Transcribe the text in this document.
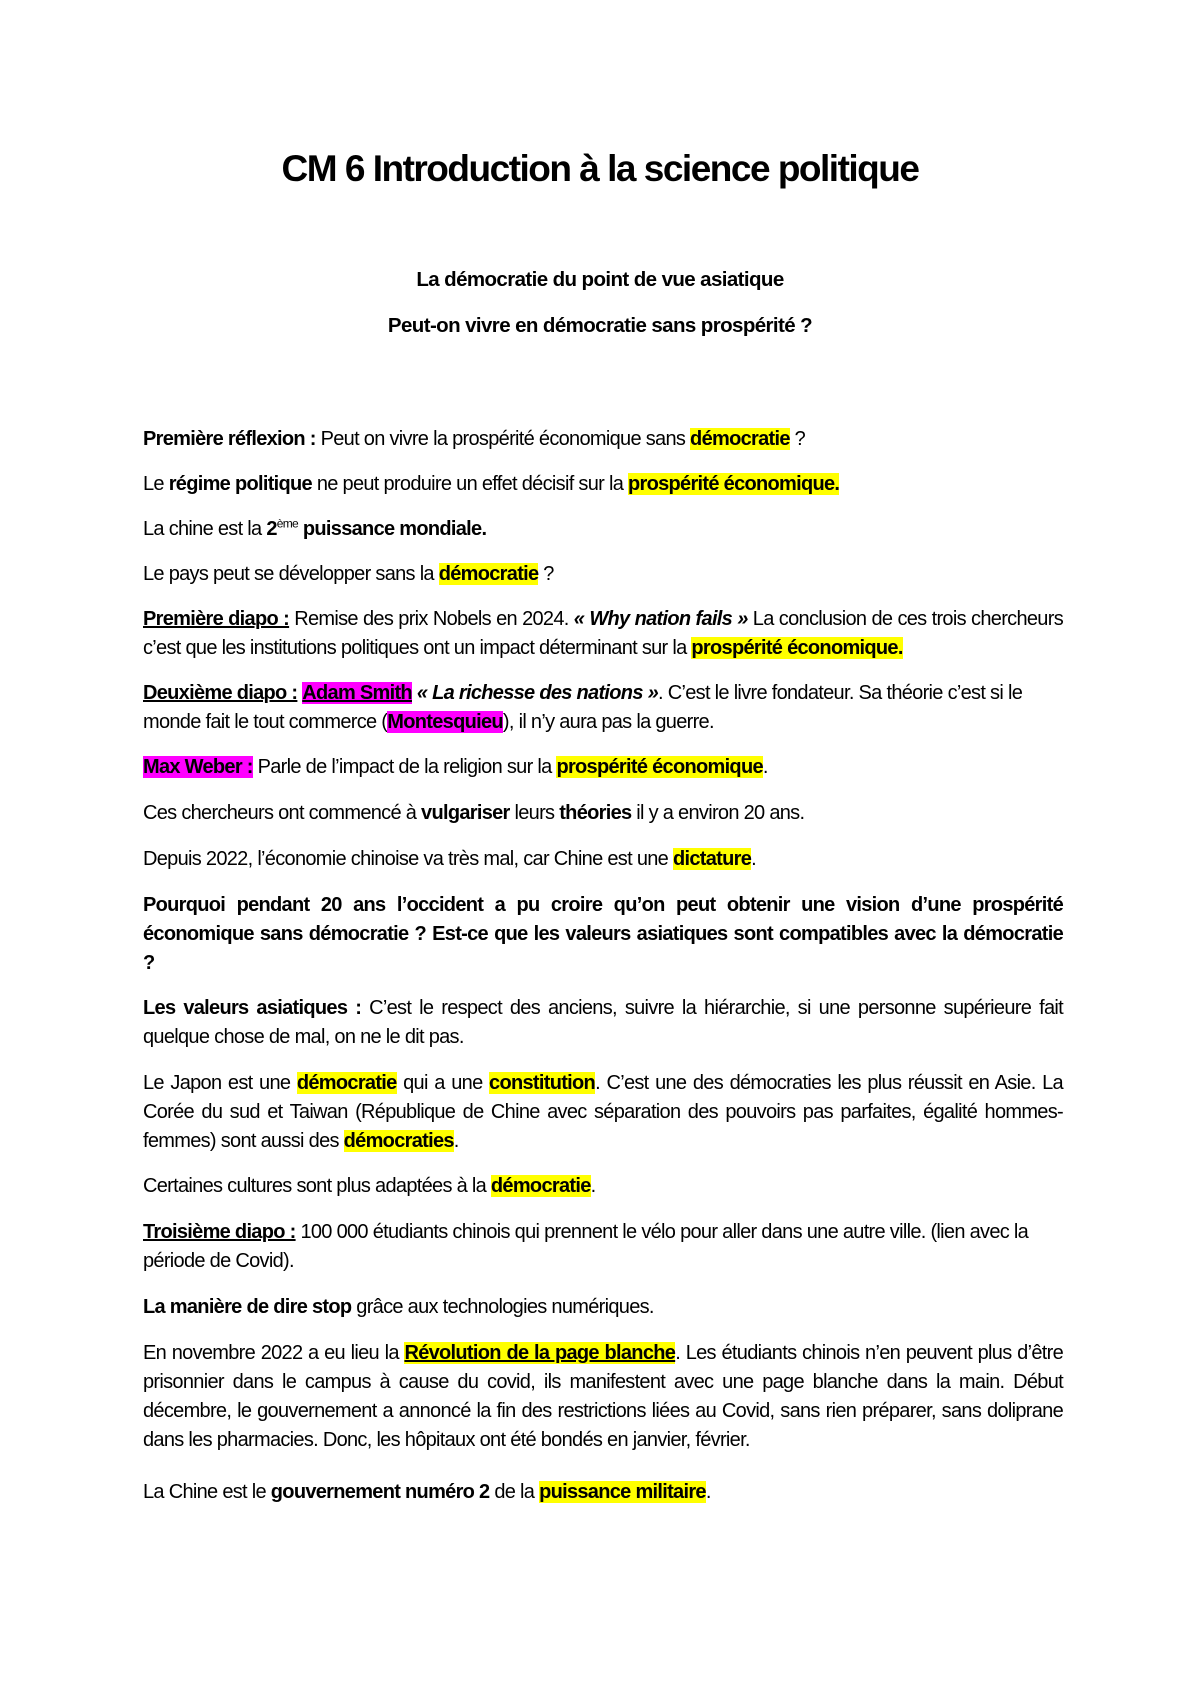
CM 6 Introduction à la science politique
La démocratie du point de vue asiatique
Peut-on vivre en démocratie sans prospérité ?
Première réflexion : Peut on vivre la prospérité économique sans démocratie ?
Le régime politique ne peut produire un effet décisif sur la prospérité économique.
La chine est la 2ème puissance mondiale.
Le pays peut se développer sans la démocratie ?
Première diapo : Remise des prix Nobels en 2024. « Why nation fails » La conclusion de ces trois chercheurs c’est que les institutions politiques ont un impact déterminant sur la prospérité économique.
Deuxième diapo : Adam Smith « La richesse des nations ». C’est le livre fondateur. Sa théorie c’est si le monde fait le tout commerce (Montesquieu), il n’y aura pas la guerre.
Max Weber : Parle de l’impact de la religion sur la prospérité économique.
Ces chercheurs ont commencé à vulgariser leurs théories il y a environ 20 ans.
Depuis 2022, l’économie chinoise va très mal, car Chine est une dictature.
Pourquoi pendant 20 ans l’occident a pu croire qu’on peut obtenir une vision d’une prospérité économique sans démocratie ? Est-ce que les valeurs asiatiques sont compatibles avec la démocratie ?
Les valeurs asiatiques : C’est le respect des anciens, suivre la hiérarchie, si une personne supérieure fait quelque chose de mal, on ne le dit pas.
Le Japon est une démocratie qui a une constitution. C’est une des démocraties les plus réussit en Asie. La Corée du sud et Taiwan (République de Chine avec séparation des pouvoirs pas parfaites, égalité hommes-femmes) sont aussi des démocraties.
Certaines cultures sont plus adaptées à la démocratie.
Troisième diapo : 100 000 étudiants chinois qui prennent le vélo pour aller dans une autre ville. (lien avec la période de Covid).
La manière de dire stop grâce aux technologies numériques.
En novembre 2022 a eu lieu la Révolution de la page blanche. Les étudiants chinois n’en peuvent plus d’être prisonnier dans le campus à cause du covid, ils manifestent avec une page blanche dans la main. Début décembre, le gouvernement a annoncé la fin des restrictions liées au Covid, sans rien préparer, sans doliprane dans les pharmacies. Donc, les hôpitaux ont été bondés en janvier, février.
La Chine est le gouvernement numéro 2 de la puissance militaire.
